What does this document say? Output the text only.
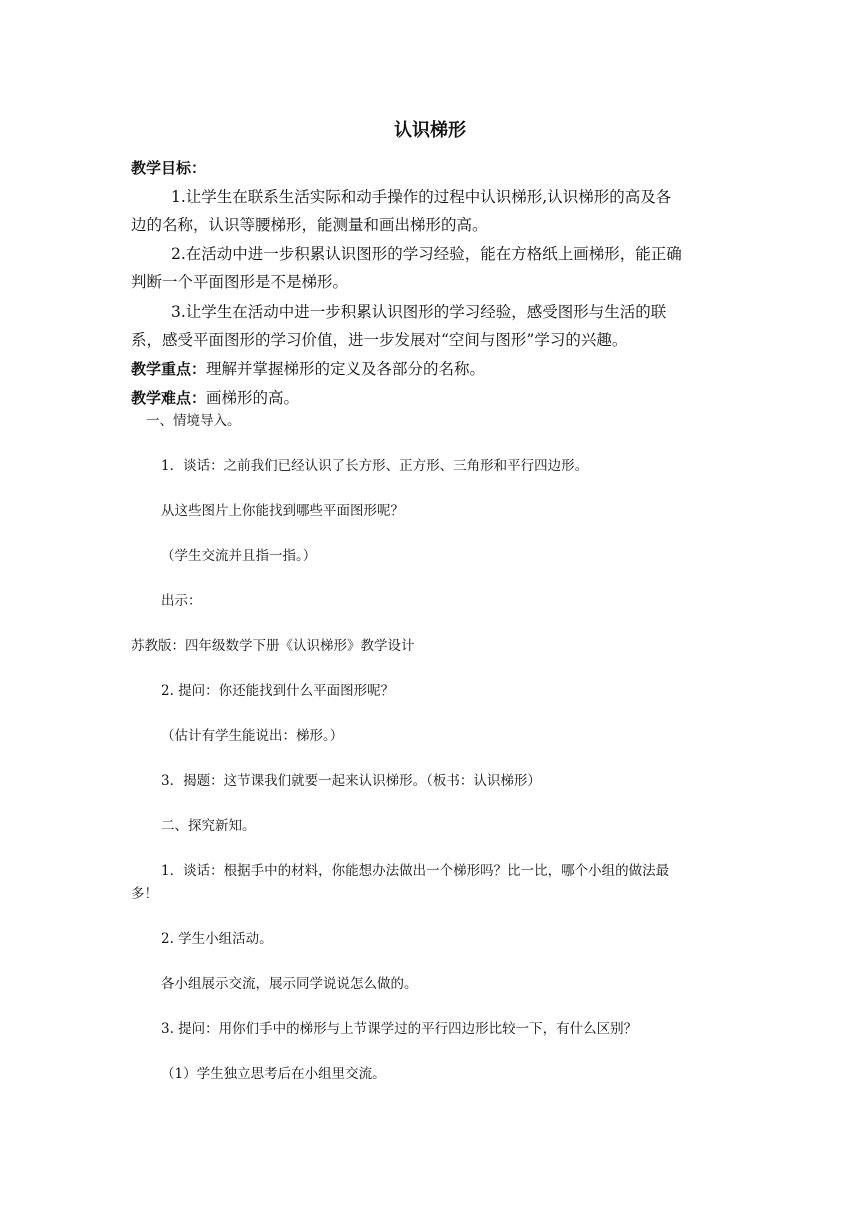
认识梯形
教学目标：
1.让学生在联系生活实际和动手操作的过程中认识梯形,认识梯形的高及各
边的名称，认识等腰梯形，能测量和画出梯形的高。
2.在活动中进一步积累认识图形的学习经验，能在方格纸上画梯形，能正确
判断一个平面图形是不是梯形。
3.让学生在活动中进一步积累认识图形的学习经验，感受图形与生活的联
系，感受平面图形的学习价值，进一步发展对“空间与图形”学习的兴趣。
教学重点：理解并掌握梯形的定义及各部分的名称。
教学难点：画梯形的高。
一、情境导入。
1．谈话：之前我们已经认识了长方形、正方形、三角形和平行四边形。
从这些图片上你能找到哪些平面图形呢？
（学生交流并且指一指。）
出示：
苏教版：四年级数学下册《认识梯形》教学设计
2. 提问：你还能找到什么平面图形呢？
（估计有学生能说出：梯形。）
3．揭题：这节课我们就要一起来认识梯形。（板书：认识梯形）
二、探究新知。
1．谈话：根据手中的材料，你能想办法做出一个梯形吗？比一比，哪个小组的做法最
多！
2. 学生小组活动。
各小组展示交流，展示同学说说怎么做的。
3. 提问：用你们手中的梯形与上节课学过的平行四边形比较一下，有什么区别？
（1）学生独立思考后在小组里交流。
